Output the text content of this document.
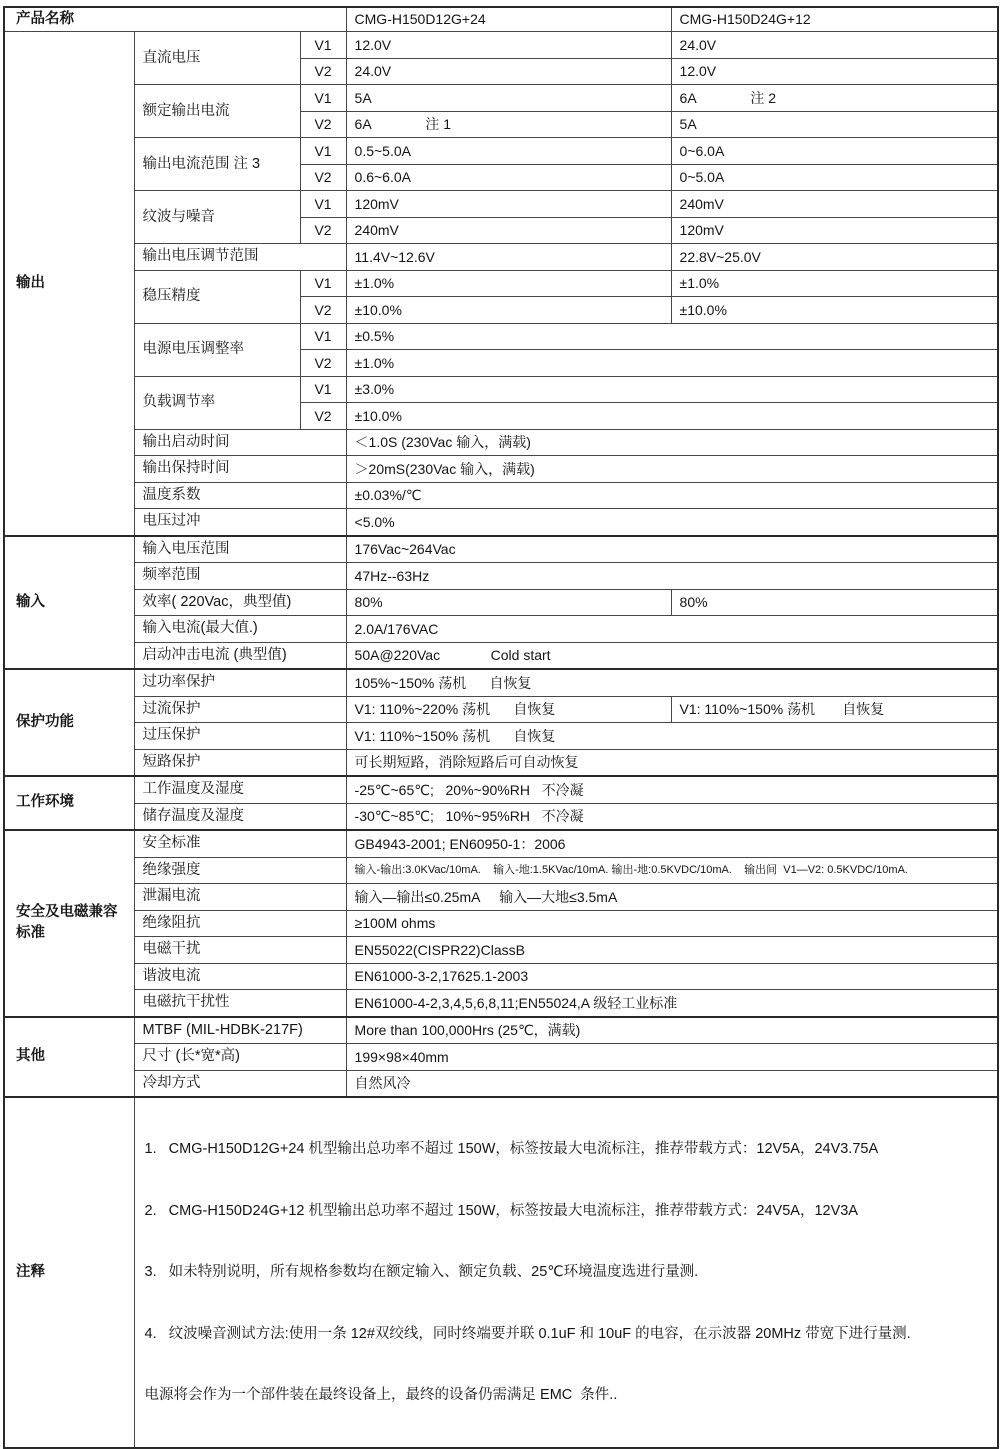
产品名称			CMG-H150D12G+24	CMG-H150D24G+12
输出	直流电压	V1	12.0V	24.0V
		V2	24.0V	12.0V
	额定输出电流	V1	5A	6A              注 2
		V2	6A              注 1	5A
	输出电流范围 注 3	V1	0.5~5.0A	0~6.0A
		V2	0.6~6.0A	0~5.0A
	纹波与噪音	V1	120mV	240mV
		V2	240mV	120mV
	输出电压调节范围		11.4V~12.6V	22.8V~25.0V
	稳压精度	V1	±1.0%	±1.0%
		V2	±10.0%	±10.0%
	电源电压调整率	V1	±0.5%	
		V2	±1.0%	
	负载调节率	V1	±3.0%	
		V2	±10.0%	
	输出启动时间		＜1.0S (230Vac 输入，满载)	
	输出保持时间		＞20mS(230Vac 输入，满载)	
	温度系数		±0.03%/℃	
	电压过冲		<5.0%	
输入	输入电压范围		176Vac~264Vac	
	频率范围		47Hz--63Hz	
	效率( 220Vac，典型值)		80%	80%
	输入电流(最大值.)		2.0A/176VAC	
	启动冲击电流 (典型值)		50A@220Vac             Cold start	
保护功能	过功率保护		105%~150% 荡机      自恢复	
	过流保护		V1: 110%~220% 荡机      自恢复	V1: 110%~150% 荡机       自恢复
	过压保护		V1: 110%~150% 荡机      自恢复	
	短路保护		可长期短路，消除短路后可自动恢复	
工作环境	工作温度及湿度		-25℃~65℃;   20%~90%RH   不冷凝	
	储存温度及湿度		-30℃~85℃;   10%~95%RH   不冷凝	
安全及电磁兼容标准	安全标准		GB4943-2001; EN60950-1：2006	
	绝缘强度		输入-输出:3.0KVac/10mA.    输入-地:1.5KVac/10mA. 输出-地:0.5KVDC/10mA.    输出间  V1—V2: 0.5KVDC/10mA.	
	泄漏电流		输入—输出≤0.25mA     输入—大地≤3.5mA	
	绝缘阻抗		≥100M ohms	
	电磁干扰		EN55022(CISPR22)ClassB	
	谐波电流		EN61000-3-2,17625.1-2003	
	电磁抗干扰性		EN61000-4-2,3,4,5,6,8,11;EN55024,A 级轻工业标准	
其他	MTBF (MIL-HDBK-217F)		More than 100,000Hrs (25℃，满载)	
	尺寸 (长*宽*高)		199×98×40mm	
	冷却方式		自然风冷	
注释	1.   CMG-H150D12G+24 机型输出总功率不超过 150W，标签按最大电流标注，推荐带载方式：12V5A，24V3.75A

2.   CMG-H150D24G+12 机型输出总功率不超过 150W，标签按最大电流标注，推荐带载方式：24V5A，12V3A

3.   如未特别说明，所有规格参数均在额定输入、额定负载、25℃环境温度选进行量测.

4.   纹波噪音测试方法:使用一条 12#双绞线，同时终端要并联 0.1uF 和 10uF 的电容，在示波器 20MHz 带宽下进行量测.

电源将会作为一个部件装在最终设备上，最终的设备仍需满足 EMC  条件..			
